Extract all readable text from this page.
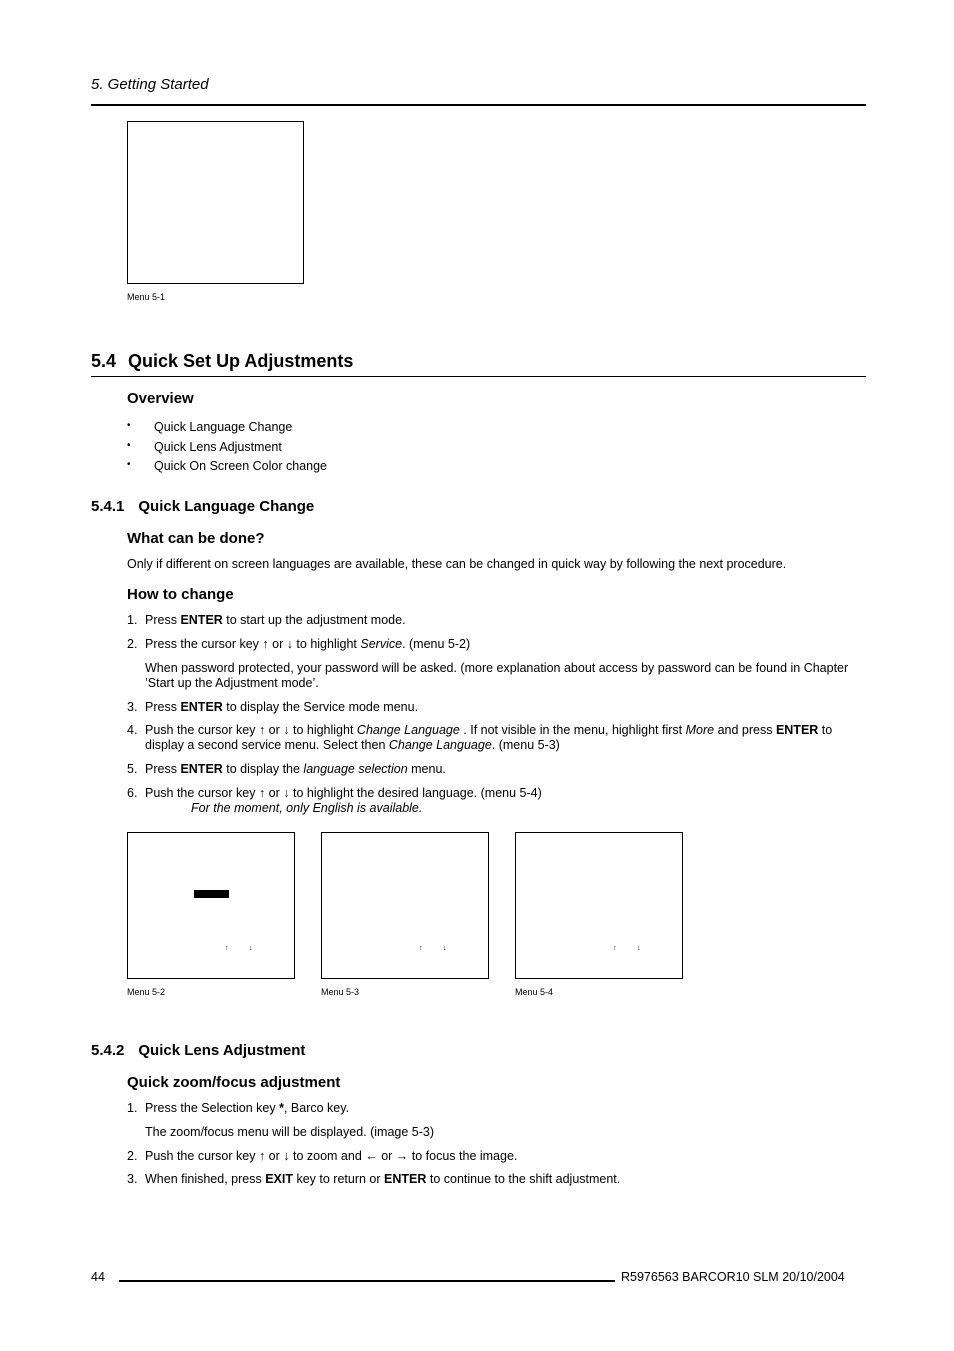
5. Getting Started
Menu 5-1
5.4 Quick Set Up Adjustments
Overview
• Quick Language Change
• Quick Lens Adjustment
• Quick On Screen Color change
5.4.1 Quick Language Change
What can be done?
Only if different on screen languages are available, these can be changed in quick way by following the next procedure.
How to change
1. Press ENTER to start up the adjustment mode.
2. Press the cursor key ↑ or ↓ to highlight Service. (menu 5-2)
When password protected, your password will be asked. (more explanation about access by password can be found in Chapter ’Start up the Adjustment mode’.
3. Press ENTER to display the Service mode menu.
4. Push the cursor key ↑ or ↓ to highlight Change Language . If not visible in the menu, highlight first More and press ENTER to
display a second service menu. Select then Change Language. (menu 5-3)
5. Press ENTER to display the language selection menu.
6. Push the cursor key ↑ or ↓ to highlight the desired language. (menu 5-4)
For the moment, only English is available.
↑	↓
Menu 5-2
↑	↓
Menu 5-3
↑	↓
Menu 5-4
5.4.2 Quick Lens Adjustment
Quick zoom/focus adjustment
1. Press the Selection key *, Barco key.
The zoom/focus menu will be displayed. (image 5-3)
2. Push the cursor key ↑ or ↓ to zoom and ← or → to focus the image.
3. When finished, press EXIT key to return or ENTER to continue to the shift adjustment.
44	R5976563 BARCOR10 SLM 20/10/2004
